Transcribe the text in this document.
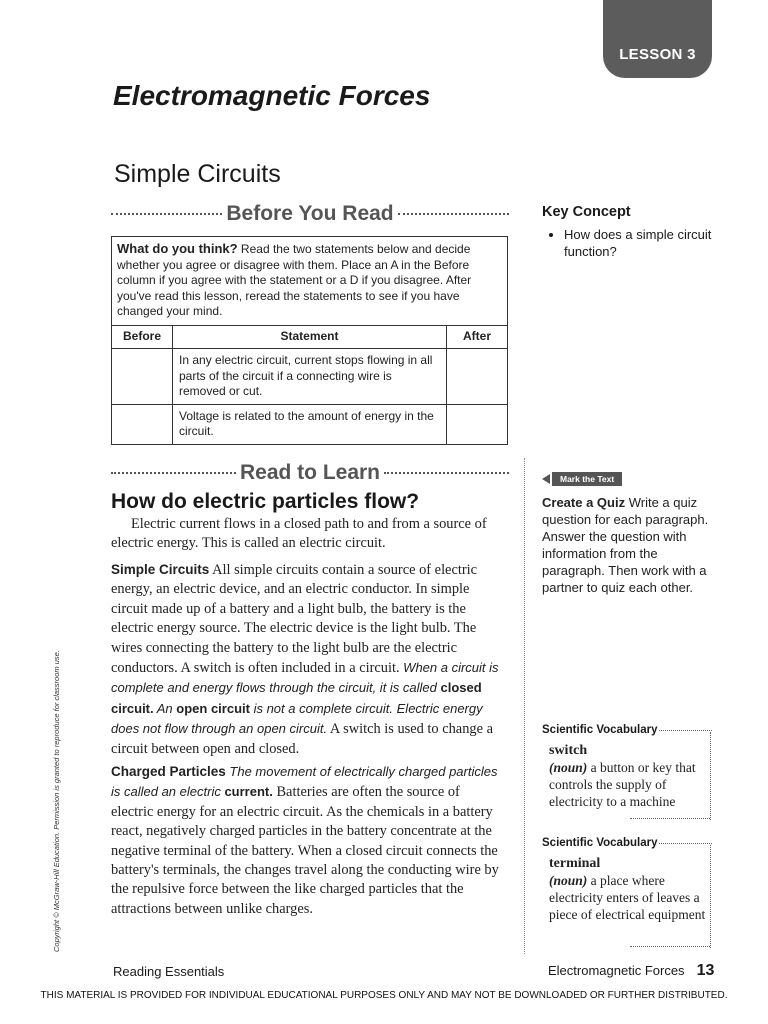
LESSON 3
Electromagnetic Forces
Simple Circuits
Before You Read
What do you think? Read the two statements below and decide whether you agree or disagree with them. Place an A in the Before column if you agree with the statement or a D if you disagree. After you've read this lesson, reread the statements to see if you have changed your mind.
Before	Statement	After
	In any electric circuit, current stops flowing in all parts of the circuit if a connecting wire is removed or cut.	
	Voltage is related to the amount of energy in the circuit.	
Read to Learn
How do electric particles flow?
Electric current flows in a closed path to and from a source of electric energy. This is called an electric circuit.
Simple Circuits All simple circuits contain a source of electric energy, an electric device, and an electric conductor. In simple circuit made up of a battery and a light bulb, the battery is the electric energy source. The electric device is the light bulb. The wires connecting the battery to the light bulb are the electric conductors. A switch is often included in a circuit. When a circuit is complete and energy flows through the circuit, it is called closed circuit. An open circuit is not a complete circuit. Electric energy does not flow through an open circuit. A switch is used to change a circuit between open and closed.
Charged Particles The movement of electrically charged particles is called an electric current. Batteries are often the source of electric energy for an electric circuit. As the chemicals in a battery react, negatively charged particles in the battery concentrate at the negative terminal of the battery. When a closed circuit connects the battery's terminals, the changes travel along the conducting wire by the repulsive force between the like charged particles that the attractions between unlike charges.
Key Concept
• How does a simple circuit function?
Mark the Text
Create a Quiz Write a quiz question for each paragraph. Answer the question with information from the paragraph. Then work with a partner to quiz each other.
Scientific Vocabulary
switch
(noun) a button or key that controls the supply of electricity to a machine
Scientific Vocabulary
terminal
(noun) a place where electricity enters of leaves a piece of electrical equipment
Copyright © McGraw-Hill Education. Permission is granted to reproduce for classroom use.
Reading Essentials	Electromagnetic Forces 13
THIS MATERIAL IS PROVIDED FOR INDIVIDUAL EDUCATIONAL PURPOSES ONLY AND MAY NOT BE DOWNLOADED OR FURTHER DISTRIBUTED.
